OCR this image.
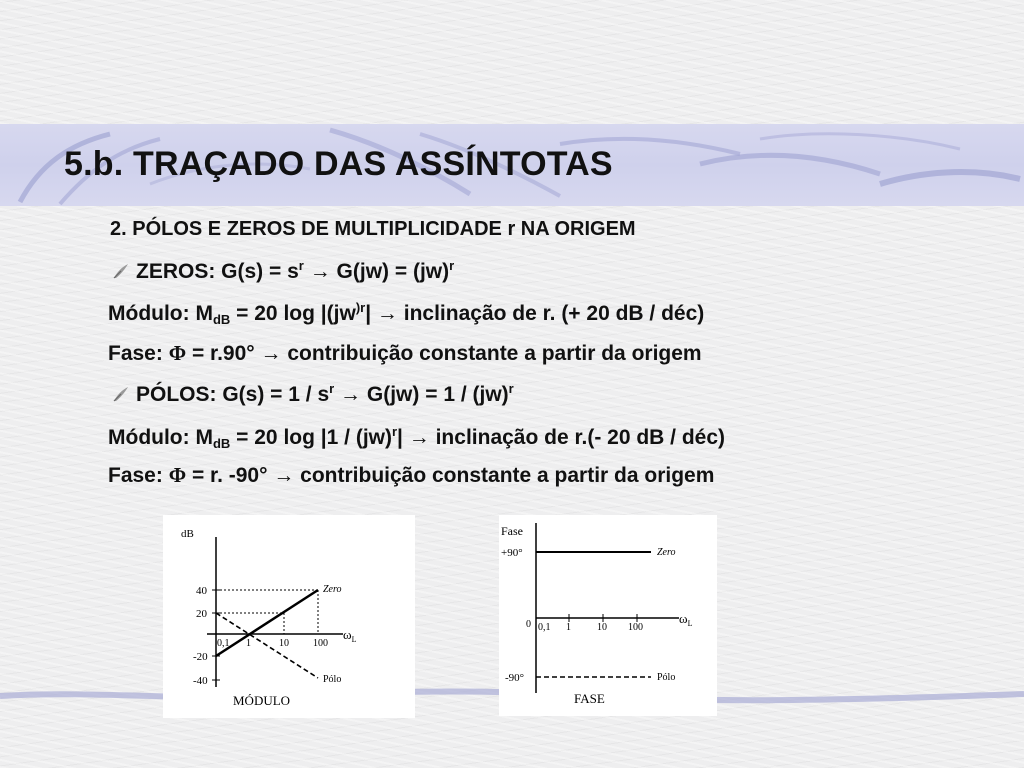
5.b. TRAÇADO DAS ASSÍNTOTAS
2. PÓLOS E ZEROS DE MULTIPLICIDADE r NA ORIGEM
ZEROS: $G(s) = s^r \to G(jw) = (jw)^r$
Módulo: $M_{dB} = 20$ $\log |(jw^{)r}|$ → inclinação de r. (+ 20 dB / déc)
Fase: Φ = r.90° → contribuição constante a partir da origem
PÓLOS: $G(s) = 1 / s^r \to G(jw) = 1 / (jw)^r$
Módulo: $M_{dB} = 20$ log |1 / (jw)$^r$| → inclinação de r.(- 20 dB / déc)
Fase: Φ = r. -90° → contribuição constante a partir da origem
dB
40
20
-20
-40
0,1 1	10 100
Zero
Pólo
$\omega_L$
MÓDULO
Fase
+90°
-90°
0 0,1 1	10 100
Zero
Pólo
$\omega_L$
FASE
